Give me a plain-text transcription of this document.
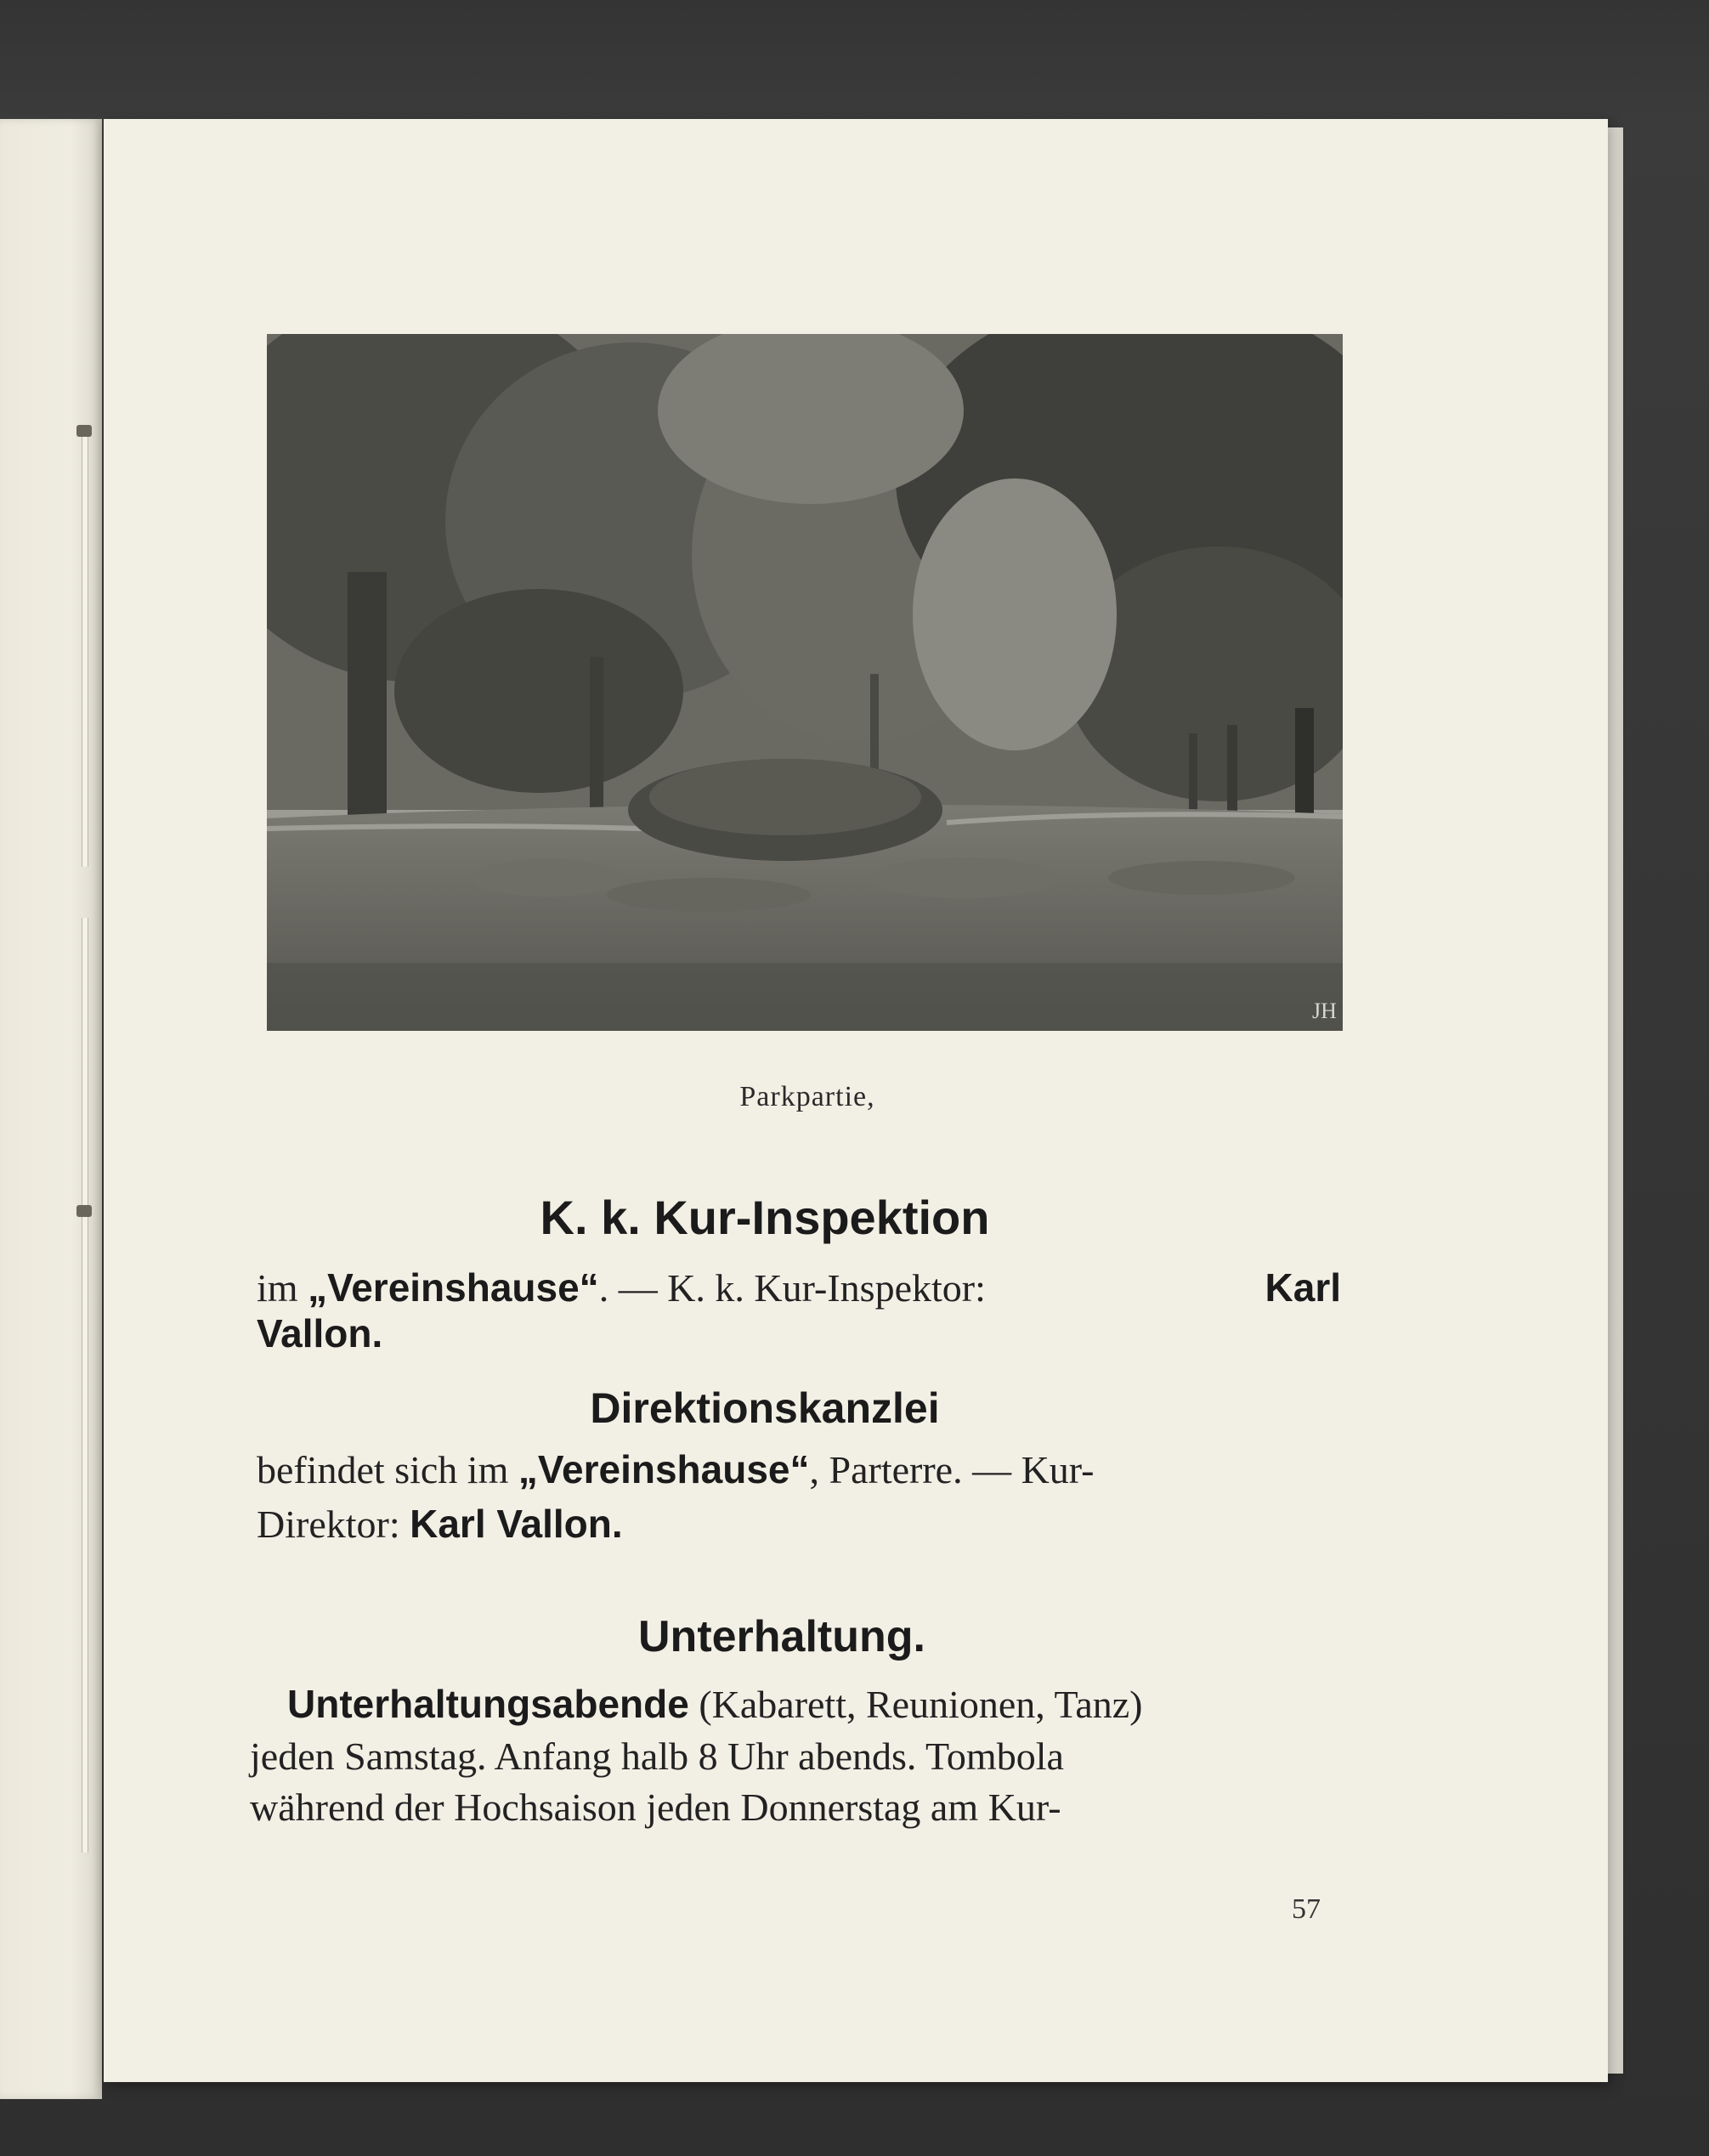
JH
Parkpartie,
K. k. Kur-Inspektion
im „Vereinshause“. — K. k. Kur-Inspektor:	Karl
Vallon.
Direktionskanzlei
befindet sich im „Vereinshause“, Parterre. — Kur-
Direktor: Karl Vallon.
Unterhaltung.
Unterhaltungsabende (Kabarett, Reunionen, Tanz)
jeden Samstag. Anfang halb 8 Uhr abends. Tombola
während der Hochsaison jeden Donnerstag am Kur-
57
